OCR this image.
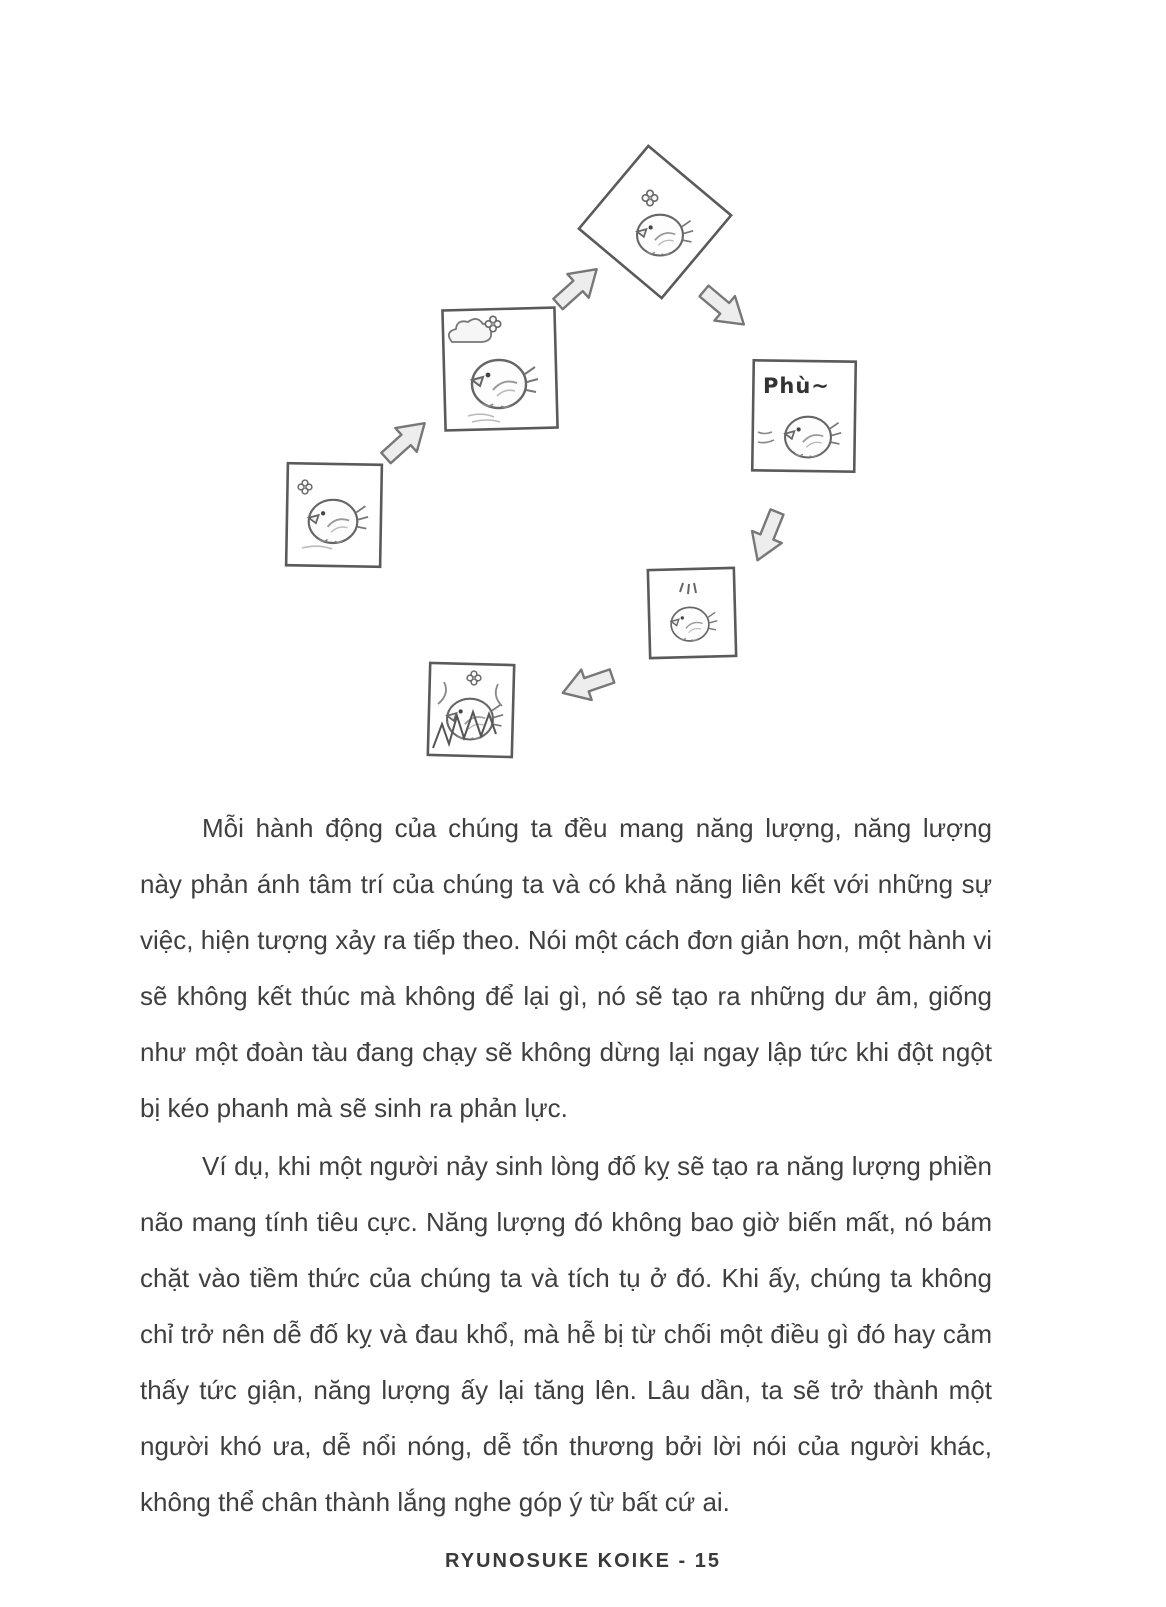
Phù~

Mỗi hành động của chúng ta đều mang năng lượng, năng lượng này phản ánh tâm trí của chúng ta và có khả năng liên kết với những sự việc, hiện tượng xảy ra tiếp theo. Nói một cách đơn giản hơn, một hành vi sẽ không kết thúc mà không để lại gì, nó sẽ tạo ra những dư âm, giống như một đoàn tàu đang chạy sẽ không dừng lại ngay lập tức khi đột ngột bị kéo phanh mà sẽ sinh ra phản lực.

Ví dụ, khi một người nảy sinh lòng đố kỵ sẽ tạo ra năng lượng phiền não mang tính tiêu cực. Năng lượng đó không bao giờ biến mất, nó bám chặt vào tiềm thức của chúng ta và tích tụ ở đó. Khi ấy, chúng ta không chỉ trở nên dễ đố kỵ và đau khổ, mà hễ bị từ chối một điều gì đó hay cảm thấy tức giận, năng lượng ấy lại tăng lên. Lâu dần, ta sẽ trở thành một người khó ưa, dễ nổi nóng, dễ tổn thương bởi lời nói của người khác, không thể chân thành lắng nghe góp ý từ bất cứ ai.

RYUNOSUKE KOIKE - 15
